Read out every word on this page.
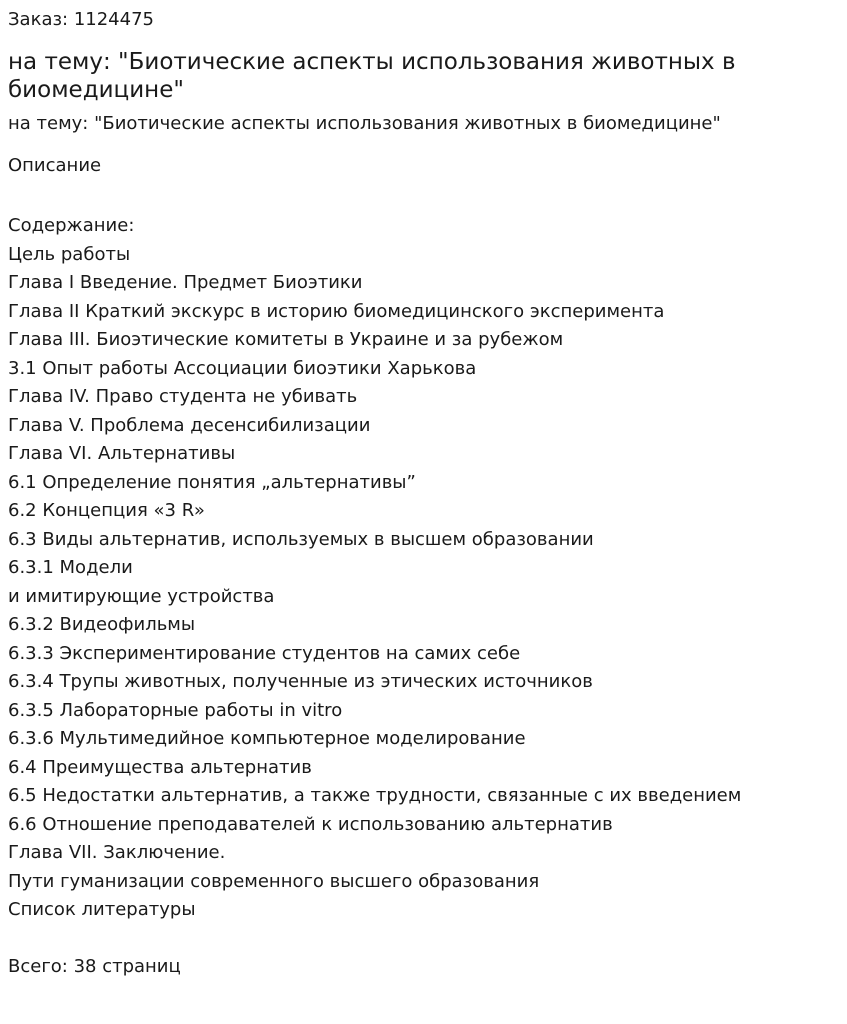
Заказ: 1124475
на тему: "Биотические аспекты использования животных в биомедицине"
на тему: "Биотические аспекты использования животных в биомедицине"
Описание
Содержание:
Цель работы
Глава I Введение. Предмет Биоэтики
Глава II Краткий экскурс в историю биомедицинского эксперимента
Глава III. Биоэтические комитеты в Украине и за рубежом
3.1 Опыт работы Ассоциации биоэтики Харькова
Глава IV. Право студента не убивать
Глава V. Проблема десенсибилизации
Глава VI. Альтернативы
6.1 Определение понятия „альтернативы”
6.2 Концепция «3 R»
6.3 Виды альтернатив, используемых в высшем образовании
6.3.1 Модели
и имитирующие устройства
6.3.2 Видеофильмы
6.3.3 Экспериментирование студентов на самих себе
6.3.4 Трупы животных, полученные из этических источников
6.3.5 Лабораторные работы in vitro
6.3.6 Мультимедийное компьютерное моделирование
6.4 Преимущества альтернатив
6.5 Недостатки альтернатив, а также трудности, связанные с их введением
6.6 Отношение преподавателей к использованию альтернатив
Глава VII. Заключение.
Пути гуманизации современного высшего образования
Список литературы
Всего: 38 страниц
